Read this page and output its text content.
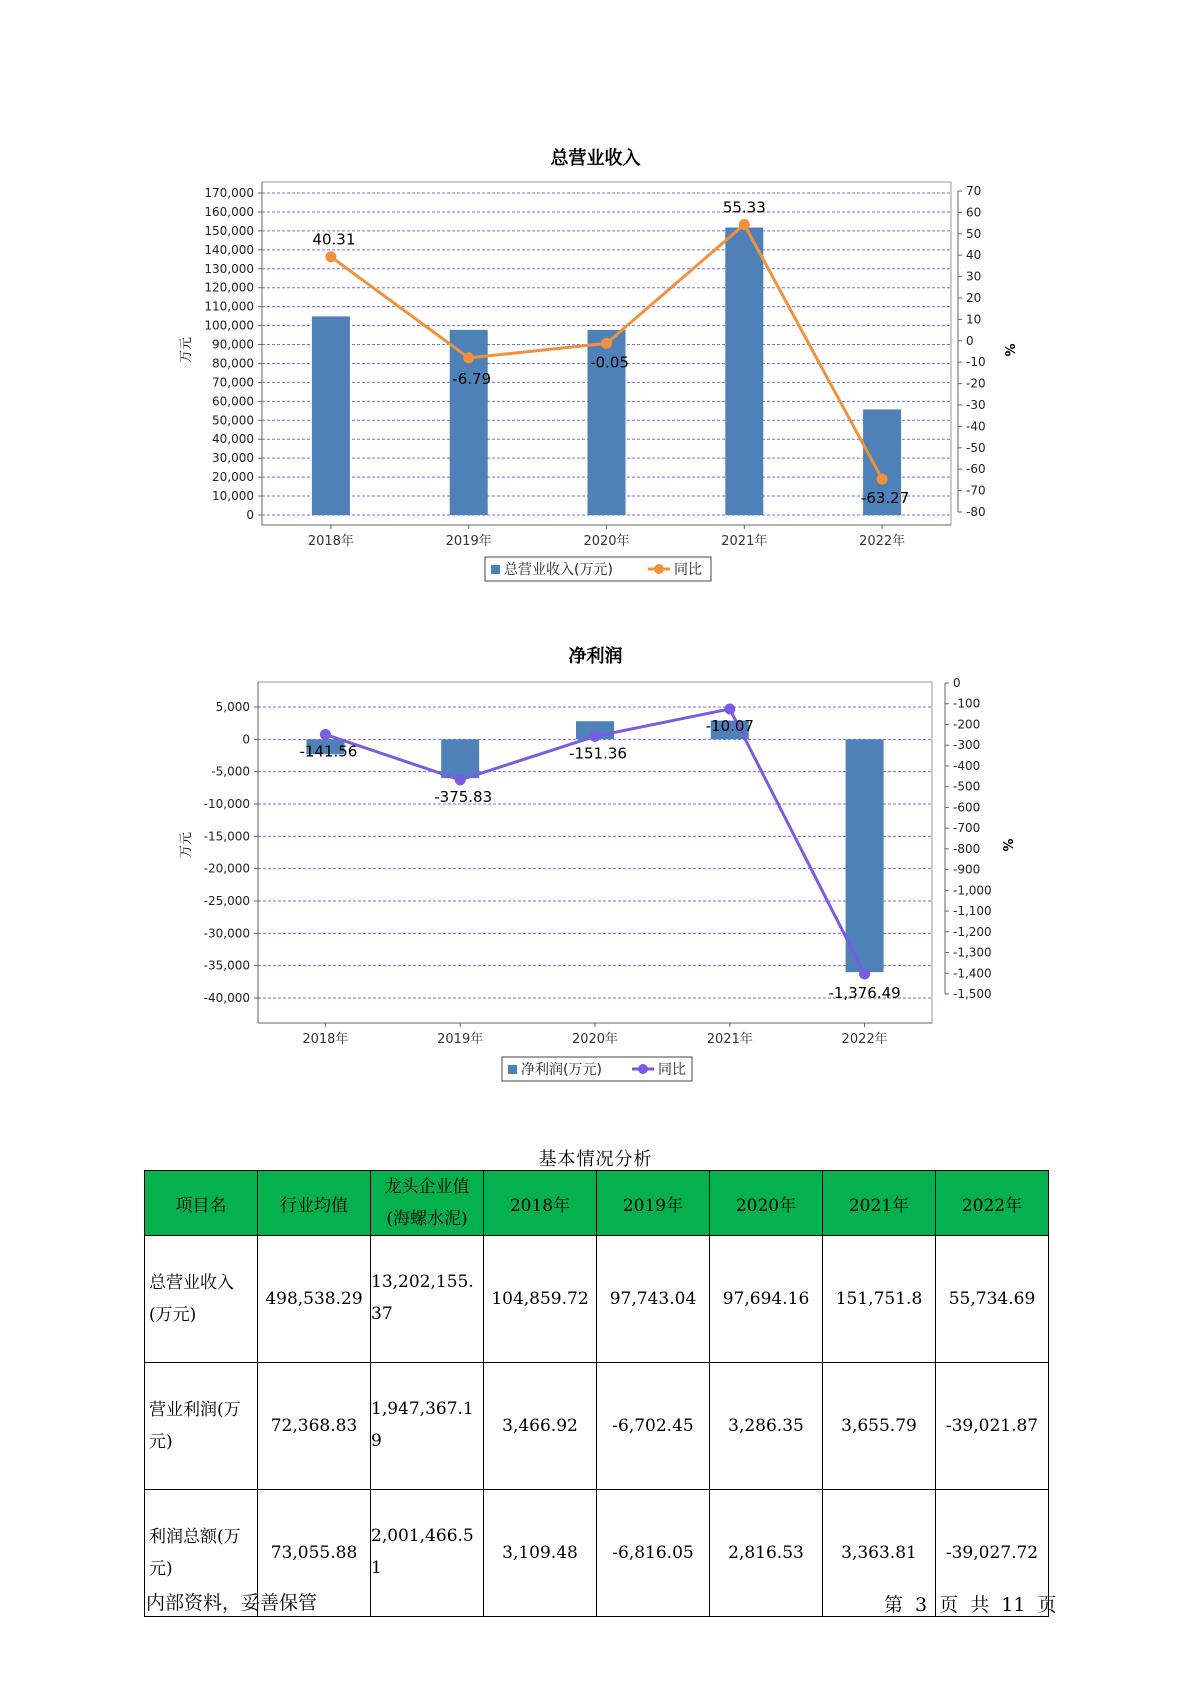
总营业收入
170,000
160,000
150,000
140,000
130,000
120,000
110,000
100,000
90,000
80,000
70,000
60,000
50,000
40,000
30,000
20,000
10,000
0
70
60
50
40
30
20
10
0
-10
-20
-30
-40
-50
-60
-70
-80
万元	%
2018年	2019年	2020年	2021年	2022年
40.31
-6.79
-0.05
55.33
-63.27
总营业收入(万元)	同比
净利润
5,000
0
-5,000
-10,000
-15,000
-20,000
-25,000
-30,000
-35,000
-40,000
0
-100
-200
-300
-400
-500
-600
-700
-800
-900
-1,000
-1,100
-1,200
-1,300
-1,400
-1,500
万元	%
2018年	2019年	2020年	2021年	2022年
-141.56
-375.83
-151.36
-10.07
-1,376.49
净利润(万元)	同比
基本情况分析
项目名	行业均值	龙头企业值(海螺水泥)	2018年	2019年	2020年	2021年	2022年
总营业收入(万元)	498,538.29	13,202,155.37	104,859.72	97,743.04	97,694.16	151,751.8	55,734.69
营业利润(万元)	72,368.83	1,947,367.19	3,466.92	-6,702.45	3,286.35	3,655.79	-39,021.87
利润总额(万元)	73,055.88	2,001,466.51	3,109.48	-6,816.05	2,816.53	3,363.81	-39,027.72
内部资料，妥善保管	第 3 页 共 11 页
